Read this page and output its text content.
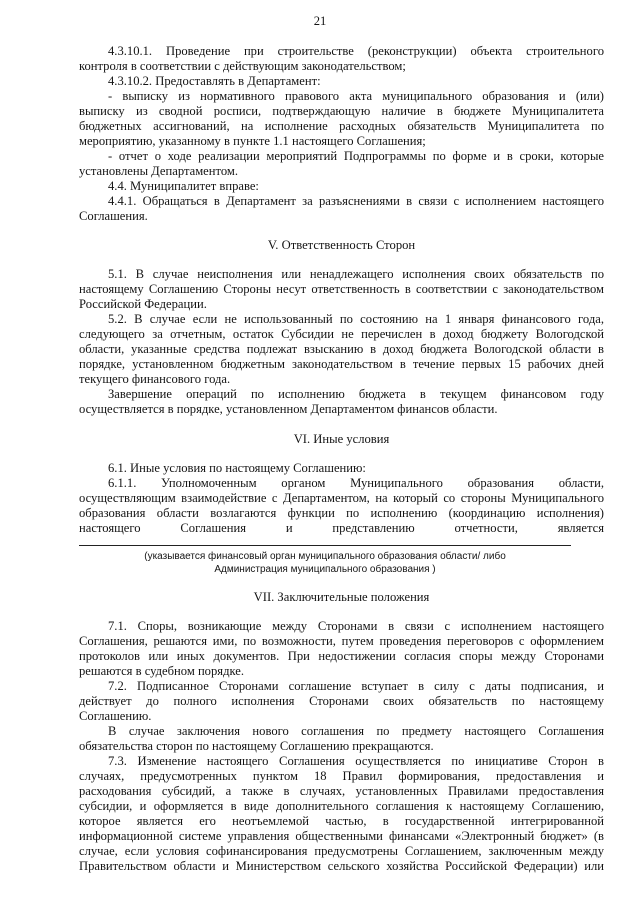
21
4.3.10.1. Проведение при строительстве (реконструкции) объекта строительного
контроля в соответствии с действующим законодательством;
4.3.10.2. Предоставлять в Департамент:
- выписку из нормативного правового акта муниципального образования и (или)
выписку из сводной росписи, подтверждающую наличие в бюджете Муниципалитета
бюджетных ассигнований, на исполнение расходных обязательств Муниципалитета по
мероприятию, указанному в пункте 1.1 настоящего Соглашения;
- отчет о ходе реализации мероприятий Подпрограммы по форме и в сроки, которые
установлены Департаментом.
4.4. Муниципалитет вправе:
4.4.1. Обращаться в Департамент за разъяснениями в связи с исполнением настоящего
Соглашения.
V. Ответственность Сторон
5.1. В случае неисполнения или ненадлежащего исполнения своих обязательств по
настоящему Соглашению Стороны несут ответственность в соответствии с законодательством
Российской Федерации.
5.2. В случае если не использованный по состоянию на 1 января финансового года,
следующего за отчетным, остаток Субсидии не перечислен в доход бюджету Вологодской
области, указанные средства подлежат взысканию в доход бюджета Вологодской области в
порядке, установленном бюджетным законодательством в течение первых 15 рабочих дней
текущего финансового года.
Завершение операций по исполнению бюджета в текущем финансовом году
осуществляется в порядке, установленном Департаментом финансов области.
VI. Иные условия
6.1. Иные условия по настоящему Соглашению:
6.1.1. Уполномоченным органом Муниципального образования области,
осуществляющим взаимодействие с Департаментом, на который со стороны Муниципального
образования области возлагаются функции по исполнению (координацию исполнения)
настоящего Соглашения и представлению отчетности, является
(указывается финансовый орган муниципального образования области/ либо
Администрация муниципального образования )
VII. Заключительные положения
7.1. Споры, возникающие между Сторонами в связи с исполнением настоящего
Соглашения, решаются ими, по возможности, путем проведения переговоров с оформлением
протоколов или иных документов. При недостижении согласия споры между Сторонами
решаются в судебном порядке.
7.2. Подписанное Сторонами соглашение вступает в силу с даты подписания, и
действует до полного исполнения Сторонами своих обязательств по настоящему
Соглашению.
В случае заключения нового соглашения по предмету настоящего Соглашения
обязательства сторон по настоящему Соглашению прекращаются.
7.3. Изменение настоящего Соглашения осуществляется по инициативе Сторон в
случаях, предусмотренных пунктом 18 Правил формирования, предоставления и
расходования субсидий, а также в случаях, установленных Правилами предоставления
субсидии, и оформляется в виде дополнительного соглашения к настоящему Соглашению,
которое является его неотъемлемой частью, в государственной интегрированной
информационной системе управления общественными финансами «Электронный бюджет» (в
случае, если условия софинансирования предусмотрены Соглашением, заключенным между
Правительством области и Министерством сельского хозяйства Российской Федерации) или
